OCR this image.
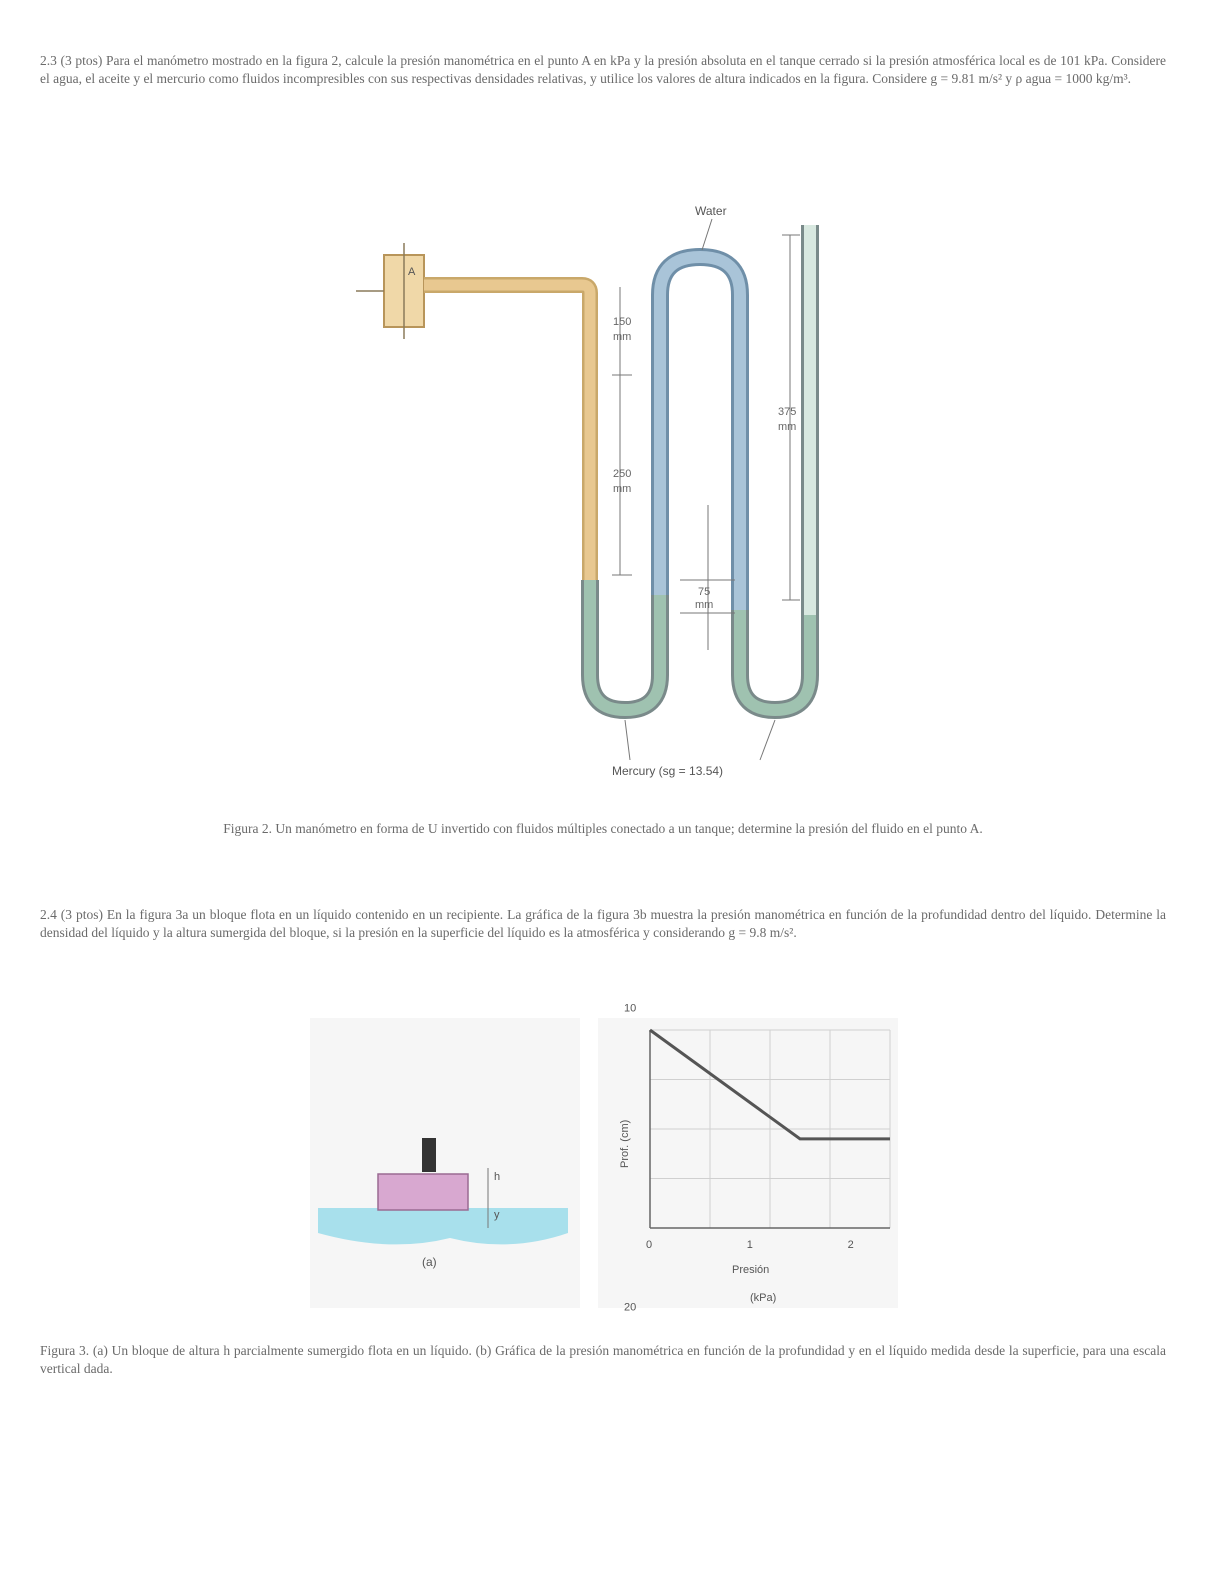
2.3 (3 ptos) Para el manómetro mostrado en la figura 2, calcule la presión manométrica en el punto A en kPa y la presión absoluta en el tanque cerrado si la presión atmosférica local es de 101 kPa. Considere el agua, el aceite y el mercurio como fluidos incompresibles con sus respectivas densidades relativas, y utilice los valores de altura indicados en la figura. Considere g = 9.81 m/s² y ρ agua = 1000 kg/m³.
A
150
mm
250
mm
375
mm
75
mm
Water
Mercury (sg = 13.54)
Figura 2. Un manómetro en forma de U invertido con fluidos múltiples conectado a un tanque; determine la presión del fluido en el punto A.
2.4 (3 ptos) En la figura 3a un bloque flota en un líquido contenido en un recipiente. La gráfica de la figura 3b muestra la presión manométrica en función de la profundidad dentro del líquido. Determine la densidad del líquido y la altura sumergida del bloque, si la presión en la superficie del líquido es la atmosférica y considerando g = 9.8 m/s².
h
y
(a)
0	1	2
10
20
Presión
(kPa)
Prof. (cm)
Figura 3. (a) Un bloque de altura h parcialmente sumergido flota en un líquido. (b) Gráfica de la presión manométrica en función de la profundidad y en el líquido medida desde la superficie, para una escala vertical dada.
